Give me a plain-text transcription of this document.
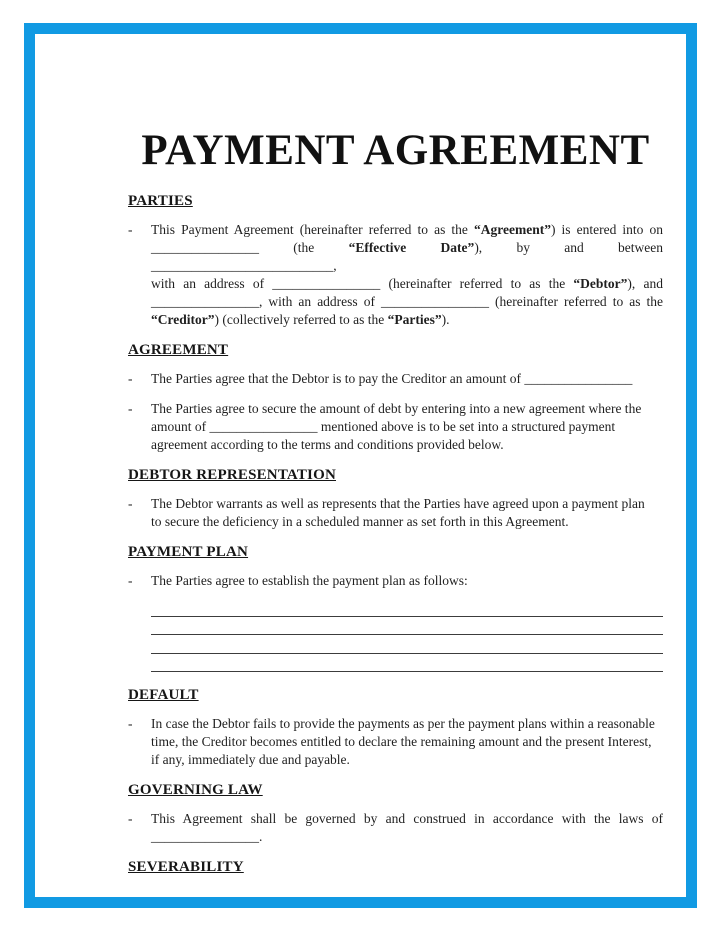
PAYMENT AGREEMENT
PARTIES
-	This Payment Agreement (hereinafter referred to as the “Agreement”) is entered into on
________________ (the “Effective Date”), by and between ___________________________,
with an address of ________________ (hereinafter referred to as the “Debtor”), and
________________, with an address of ________________ (hereinafter referred to as the
“Creditor”) (collectively referred to as the “Parties”).
AGREEMENT
-	The Parties agree that the Debtor is to pay the Creditor an amount of ________________
-	The Parties agree to secure the amount of debt by entering into a new agreement where the
amount of ________________ mentioned above is to be set into a structured payment
agreement according to the terms and conditions provided below.
DEBTOR REPRESENTATION
-	The Debtor warrants as well as represents that the Parties have agreed upon a payment plan
to secure the deficiency in a scheduled manner as set forth in this Agreement.
PAYMENT PLAN
-	The Parties agree to establish the payment plan as follows:
DEFAULT
-	In case the Debtor fails to provide the payments as per the payment plans within a reasonable
time, the Creditor becomes entitled to declare the remaining amount and the present Interest,
if any, immediately due and payable.
GOVERNING LAW
-	This Agreement shall be governed by and construed in accordance with the laws of
________________.
SEVERABILITY
